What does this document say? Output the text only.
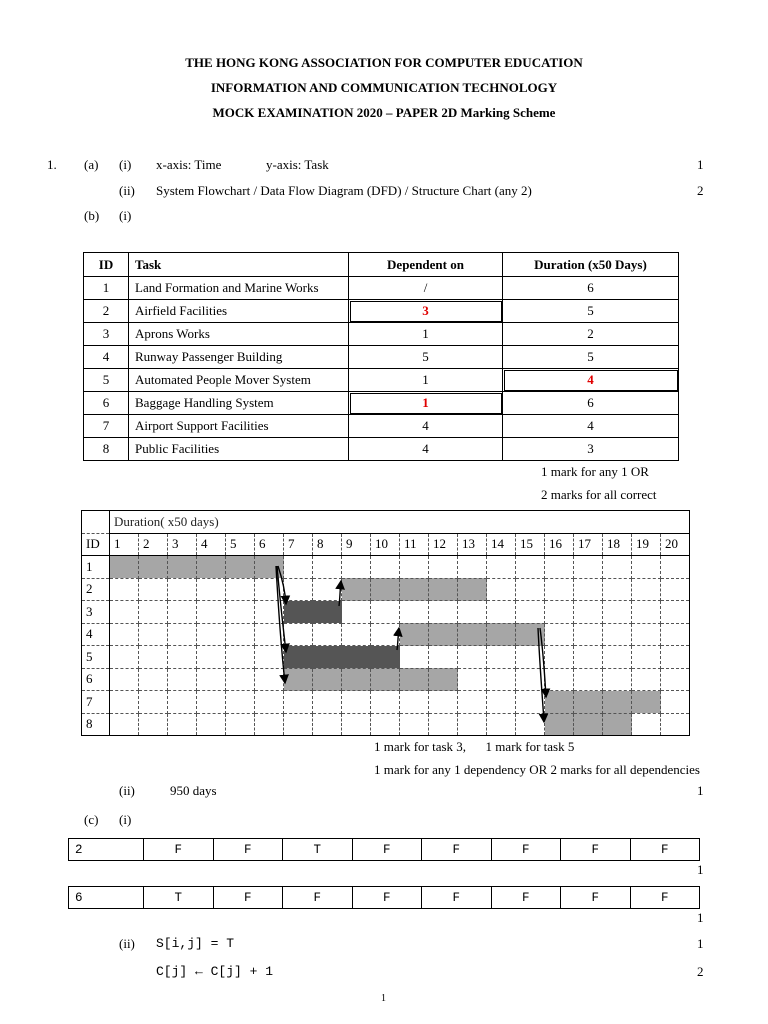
THE HONG KONG ASSOCIATION FOR COMPUTER EDUCATION
INFORMATION AND COMMUNICATION TECHNOLOGY
MOCK EXAMINATION 2020 – PAPER 2D Marking Scheme
1. (a) (i) x-axis: Time	y-axis: Task	1
(ii) System Flowchart / Data Flow Diagram (DFD) / Structure Chart (any 2)	2
(b) (i)
ID	Task	Dependent on	Duration (x50 Days)
1	Land Formation and Marine Works	/	6
2	Airfield Facilities	3	5
3	Aprons Works	1	2
4	Runway Passenger Building	5	5
5	Automated People Mover System	1	4
6	Baggage Handling System	1	6
7	Airport Support Facilities	4	4
8	Public Facilities	4	3
1 mark for any 1 OR
2 marks for all correct
	Duration( x50 days)																			
ID	1	2	3	4	5	6	7	8	9	10	11	12	13	14	15	16	17	18	19	20
1																				
2																				
3																				
4																				
5																				
6																				
7																				
8																				
1 mark for task 3,      1 mark for task 5
1 mark for any 1 dependency OR 2 marks for all dependencies
(ii)	950 days	1
(c) (i)
2	F	F	T	F	F	F	F	F
1
6	T	F	F	F	F	F	F	F
1
(ii) S[i,j] = T	1
C[j] ← C[j] + 1	2
1
